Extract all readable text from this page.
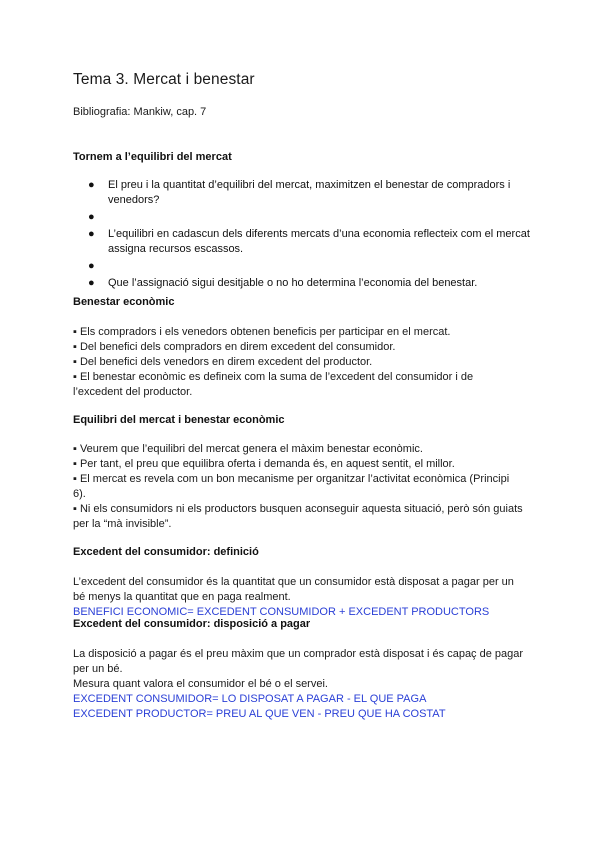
Tema 3. Mercat i benestar
Bibliografia: Mankiw, cap. 7
Tornem a l’equilibri del mercat
● El preu i la quantitat d’equilibri del mercat, maximitzen el benestar de compradors i venedors?
●
● L’equilibri en cadascun dels diferents mercats d’una economia reflecteix com el mercat assigna recursos escassos.
●
● Que l’assignació sigui desitjable o no ho determina l’economia del benestar.
Benestar econòmic
▪ Els compradors i els venedors obtenen beneficis per participar en el mercat.
▪ Del benefici dels compradors en direm excedent del consumidor.
▪ Del benefici dels venedors en direm excedent del productor.
▪ El benestar econòmic es defineix com la suma de l’excedent del consumidor i de l’excedent del productor.
Equilibri del mercat i benestar econòmic
▪ Veurem que l’equilibri del mercat genera el màxim benestar econòmic.
▪ Per tant, el preu que equilibra oferta i demanda és, en aquest sentit, el millor.
▪ El mercat es revela com un bon mecanisme per organitzar l’activitat econòmica (Principi 6).
▪ Ni els consumidors ni els productors busquen aconseguir aquesta situació, però són guiats per la “mà invisible”.
Excedent del consumidor: definició
L’excedent del consumidor és la quantitat que un consumidor està disposat a pagar per un bé menys la quantitat que en paga realment.
BENEFICI ECONOMIC= EXCEDENT CONSUMIDOR + EXCEDENT PRODUCTORS
Excedent del consumidor: disposició a pagar
La disposició a pagar és el preu màxim que un comprador està disposat i és capaç de pagar per un bé.
Mesura quant valora el consumidor el bé o el servei.
EXCEDENT CONSUMIDOR= LO DISPOSAT A PAGAR - EL QUE PAGA
EXCEDENT PRODUCTOR= PREU AL QUE VEN - PREU QUE HA COSTAT
